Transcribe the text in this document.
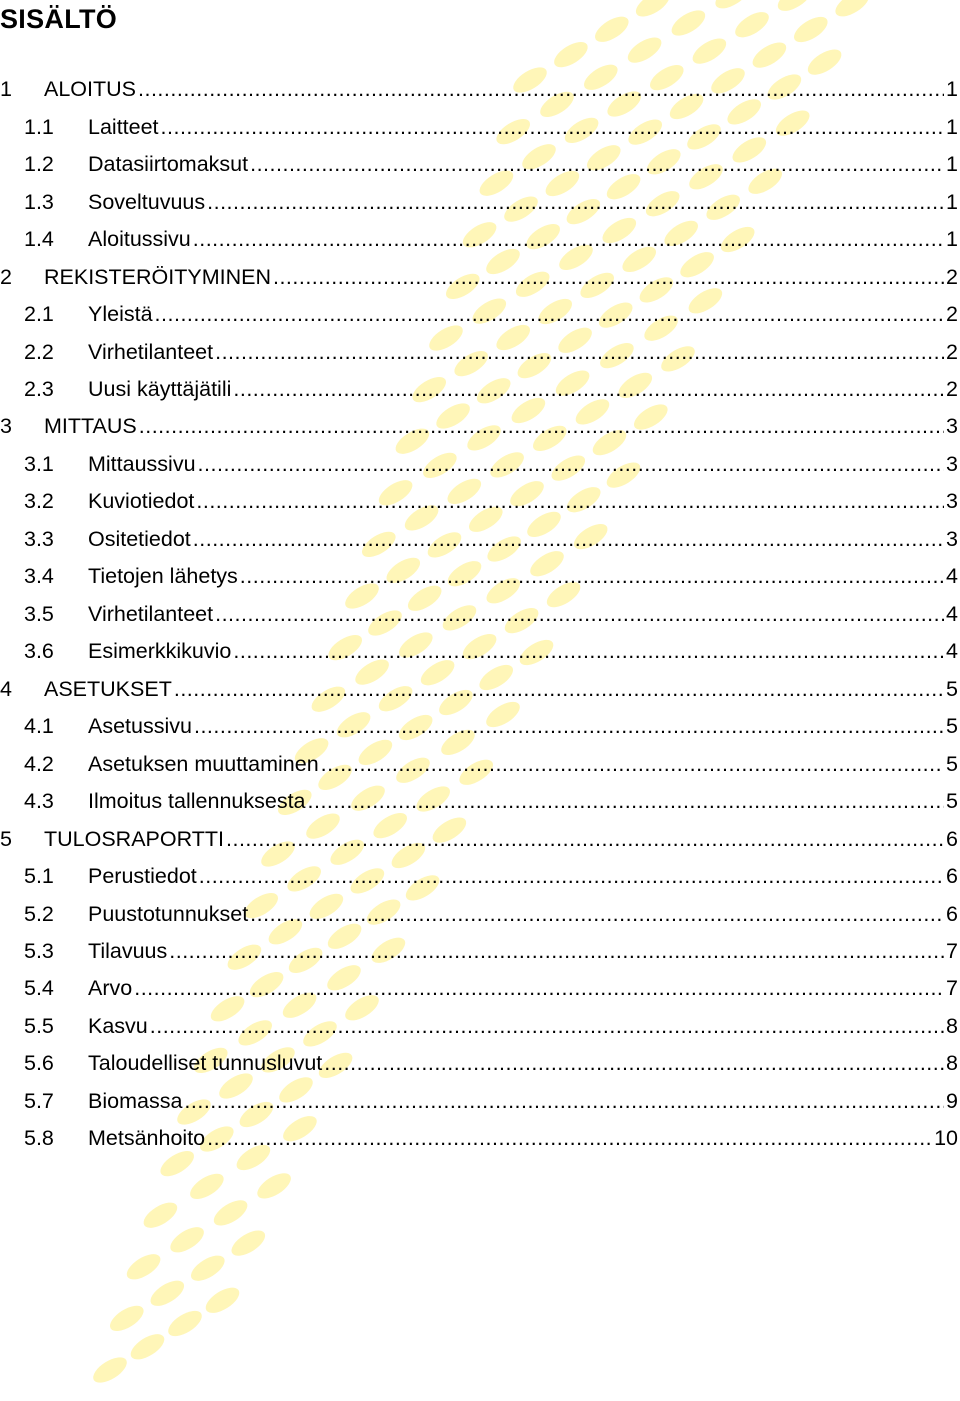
SISÄLTÖ
1 ALOITUS .....	1
1.1 Laitteet .....	1
1.2 Datasiirtomaksut .....	1
1.3 Soveltuvuus .....	1
1.4 Aloitussivu .....	1
2 REKISTERÖITYMINEN .....	2
2.1 Yleistä .....	2
2.2 Virhetilanteet .....	2
2.3 Uusi käyttäjätili .....	2
3 MITTAUS .....	3
3.1 Mittaussivu .....	3
3.2 Kuviotiedot .....	3
3.3 Ositetiedot .....	3
3.4 Tietojen lähetys .....	4
3.5 Virhetilanteet .....	4
3.6 Esimerkkikuvio .....	4
4 ASETUKSET .....	5
4.1 Asetussivu .....	5
4.2 Asetuksen muuttaminen .....	5
4.3 Ilmoitus tallennuksesta .....	5
5 TULOSRAPORTTI .....	6
5.1 Perustiedot .....	6
5.2 Puustotunnukset .....	6
5.3 Tilavuus .....	7
5.4 Arvo .....	7
5.5 Kasvu .....	8
5.6 Taloudelliset tunnusluvut .....	8
5.7 Biomassa .....	9
5.8 Metsänhoito .....	10
